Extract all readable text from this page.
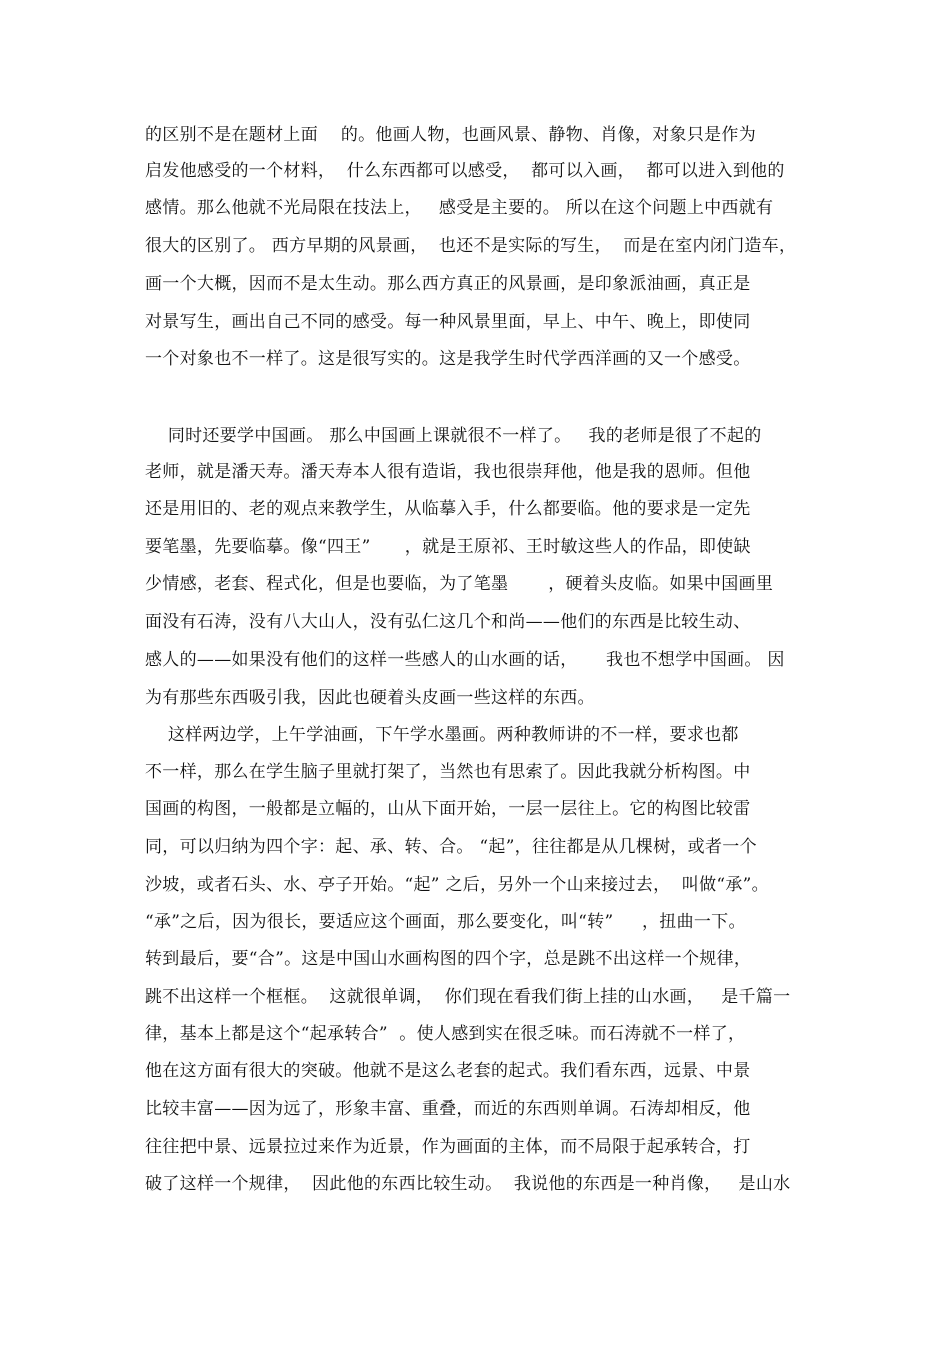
的区别不是在题材上面    的。他画人物，也画风景、静物、肖像，对象只是作为
启发他感受的一个材料，  什么东西都可以感受，  都可以入画，  都可以进入到他的
感情。那么他就不光局限在技法上，   感受是主要的。 所以在这个问题上中西就有
很大的区别了。 西方早期的风景画，  也还不是实际的写生，  而是在室内闭门造车，
画一个大概，因而不是太生动。那么西方真正的风景画，是印象派油画，真正是
对景写生，画出自己不同的感受。每一种风景里面，早上、中午、晚上，即使同
一个对象也不一样了。这是很写实的。这是我学生时代学西洋画的又一个感受。
同时还要学中国画。 那么中国画上课就很不一样了。   我的老师是很了不起的
老师，就是潘天寿。潘天寿本人很有造诣，我也很崇拜他，他是我的恩师。但他
还是用旧的、老的观点来教学生，从临摹入手，什么都要临。他的要求是一定先
要笔墨，先要临摹。像“四王”      ，就是王原祁、王时敏这些人的作品，即使缺
少情感，老套、程式化，但是也要临，为了笔墨       ，硬着头皮临。如果中国画里
面没有石涛，没有八大山人，没有弘仁这几个和尚——他们的东西是比较生动、
感人的——如果没有他们的这样一些感人的山水画的话，     我也不想学中国画。 因
为有那些东西吸引我，因此也硬着头皮画一些这样的东西。
这样两边学，上午学油画，下午学水墨画。两种教师讲的不一样，要求也都
不一样，那么在学生脑子里就打架了，当然也有思索了。因此我就分析构图。中
国画的构图，一般都是立幅的，山从下面开始，一层一层往上。它的构图比较雷
同，可以归纳为四个字：起、承、转、合。 “起”，往往都是从几棵树，或者一个
沙坡，或者石头、水、亭子开始。“起” 之后，另外一个山来接过去，  叫做“承”。
“承”之后，因为很长，要适应这个画面，那么要变化，叫“转”     ，扭曲一下。
转到最后，要“合”。这是中国山水画构图的四个字，总是跳不出这样一个规律，
跳不出这样一个框框。  这就很单调，  你们现在看我们街上挂的山水画，   是千篇一
律，基本上都是这个“起承转合”  。使人感到实在很乏味。而石涛就不一样了，
他在这方面有很大的突破。他就不是这么老套的起式。我们看东西，远景、中景
比较丰富——因为远了，形象丰富、重叠，而近的东西则单调。石涛却相反，他
往往把中景、远景拉过来作为近景，作为画面的主体，而不局限于起承转合，打
破了这样一个规律，  因此他的东西比较生动。  我说他的东西是一种肖像，   是山水
